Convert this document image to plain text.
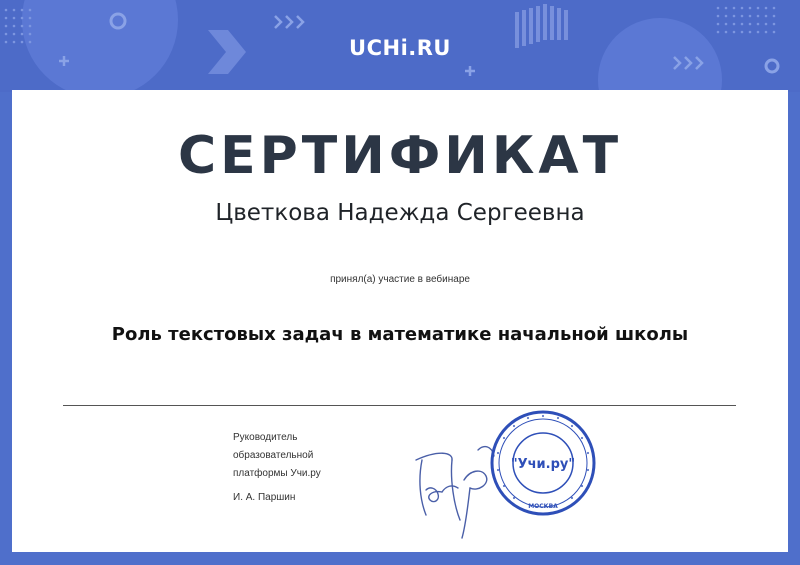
UCHi.RU
СЕРТИФИКАТ
Цветкова Надежда Сергеевна
принял(а) участие в вебинаре
Роль текстовых задач в математике начальной школы
Руководитель
образовательной
платформы Учи.ру
И. А. Паршин
"Учи.ру"
МОСКВА
